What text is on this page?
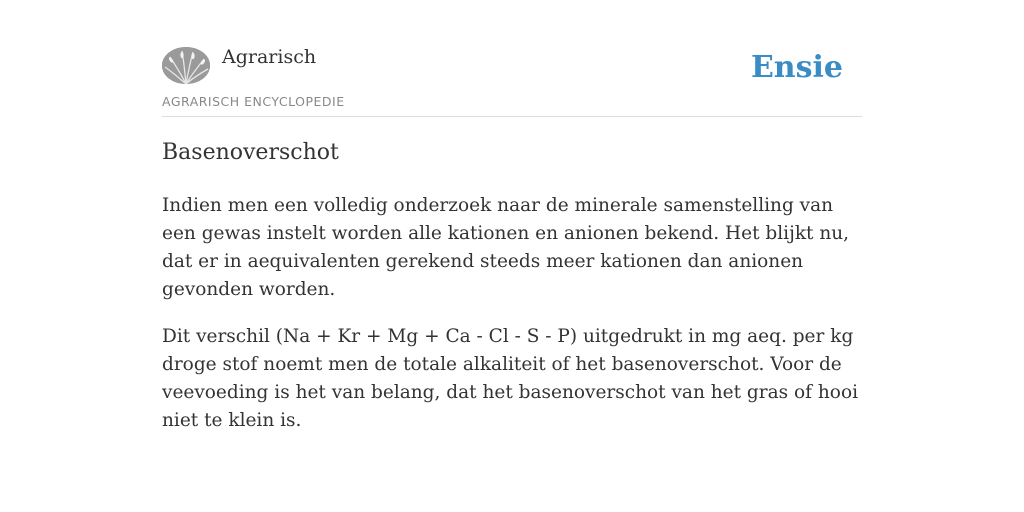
Agrarisch
AGRARISCH ENCYCLOPEDIE
Ensie
Basenoverschot

Indien men een volledig onderzoek naar de minerale samenstelling van een gewas instelt worden alle kationen en anionen bekend. Het blijkt nu, dat er in aequivalenten gerekend steeds meer kationen dan anionen gevonden worden.

Dit verschil (Na + Kr + Mg + Ca - Cl - S - P) uitgedrukt in mg aeq. per kg droge stof noemt men de totale alkaliteit of het basenoverschot. Voor de veevoeding is het van belang, dat het basenoverschot van het gras of hooi niet te klein is.
